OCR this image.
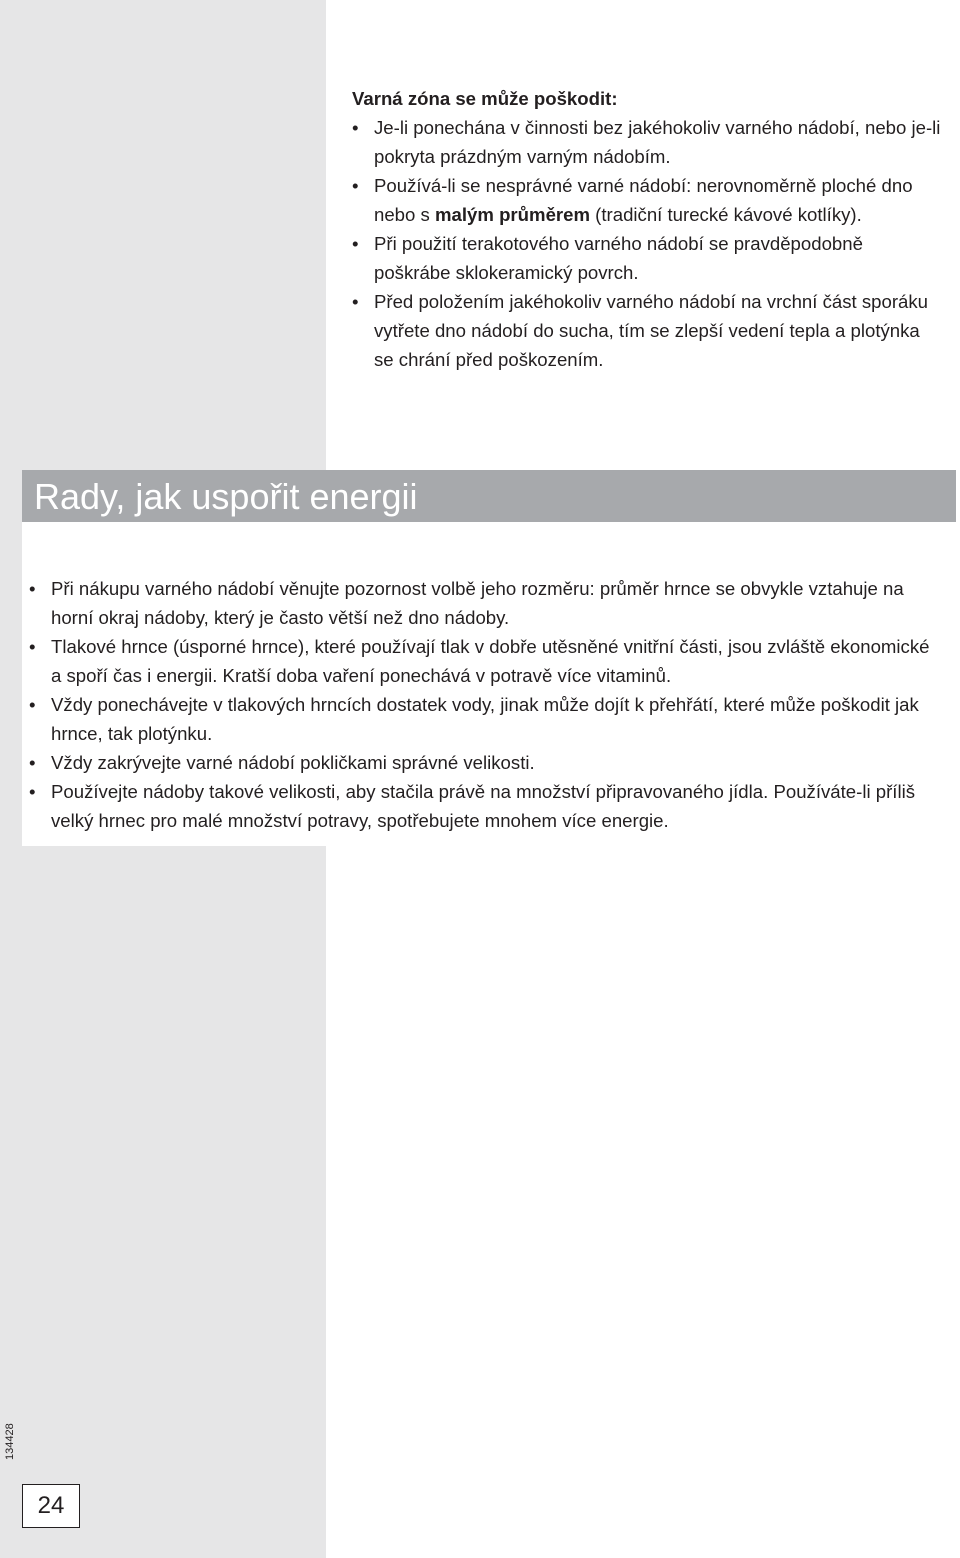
Varná zóna se může poškodit:

• Je-li ponechána v činnosti bez jakéhokoliv varného nádobí, nebo je-li pokryta prázdným varným nádobím.
• Používá-li se nesprávné varné nádobí: nerovnoměrně ploché dno nebo s malým průměrem (tradiční turecké kávové kotlíky).
• Při použití terakotového varného nádobí se pravděpodobně poškrábe sklokeramický povrch.
• Před položením jakéhokoliv varného nádobí na vrchní část sporáku vytřete dno nádobí do sucha, tím se zlepší vedení tepla a plotýnka se chrání před poškozením.
Rady, jak uspořit energii
• Při nákupu varného nádobí věnujte pozornost volbě jeho rozměru: průměr hrnce se obvykle vztahuje na horní okraj nádoby, který je často větší než dno nádoby.
• Tlakové hrnce (úsporné hrnce), které používají tlak v dobře utěsněné vnitřní části, jsou zvláště ekonomické a spoří čas i energii. Kratší doba vaření ponechává v potravě více vitaminů.
• Vždy ponechávejte v tlakových hrncích dostatek vody, jinak může dojít k přehřátí, které může poškodit jak hrnce, tak plotýnku.
• Vždy zakrývejte varné nádobí pokličkami správné velikosti.
• Používejte nádoby takové velikosti, aby stačila právě na množství připravovaného jídla. Používáte-li příliš velký hrnec pro malé množství potravy, spotřebujete mnohem více energie.
134428
24
